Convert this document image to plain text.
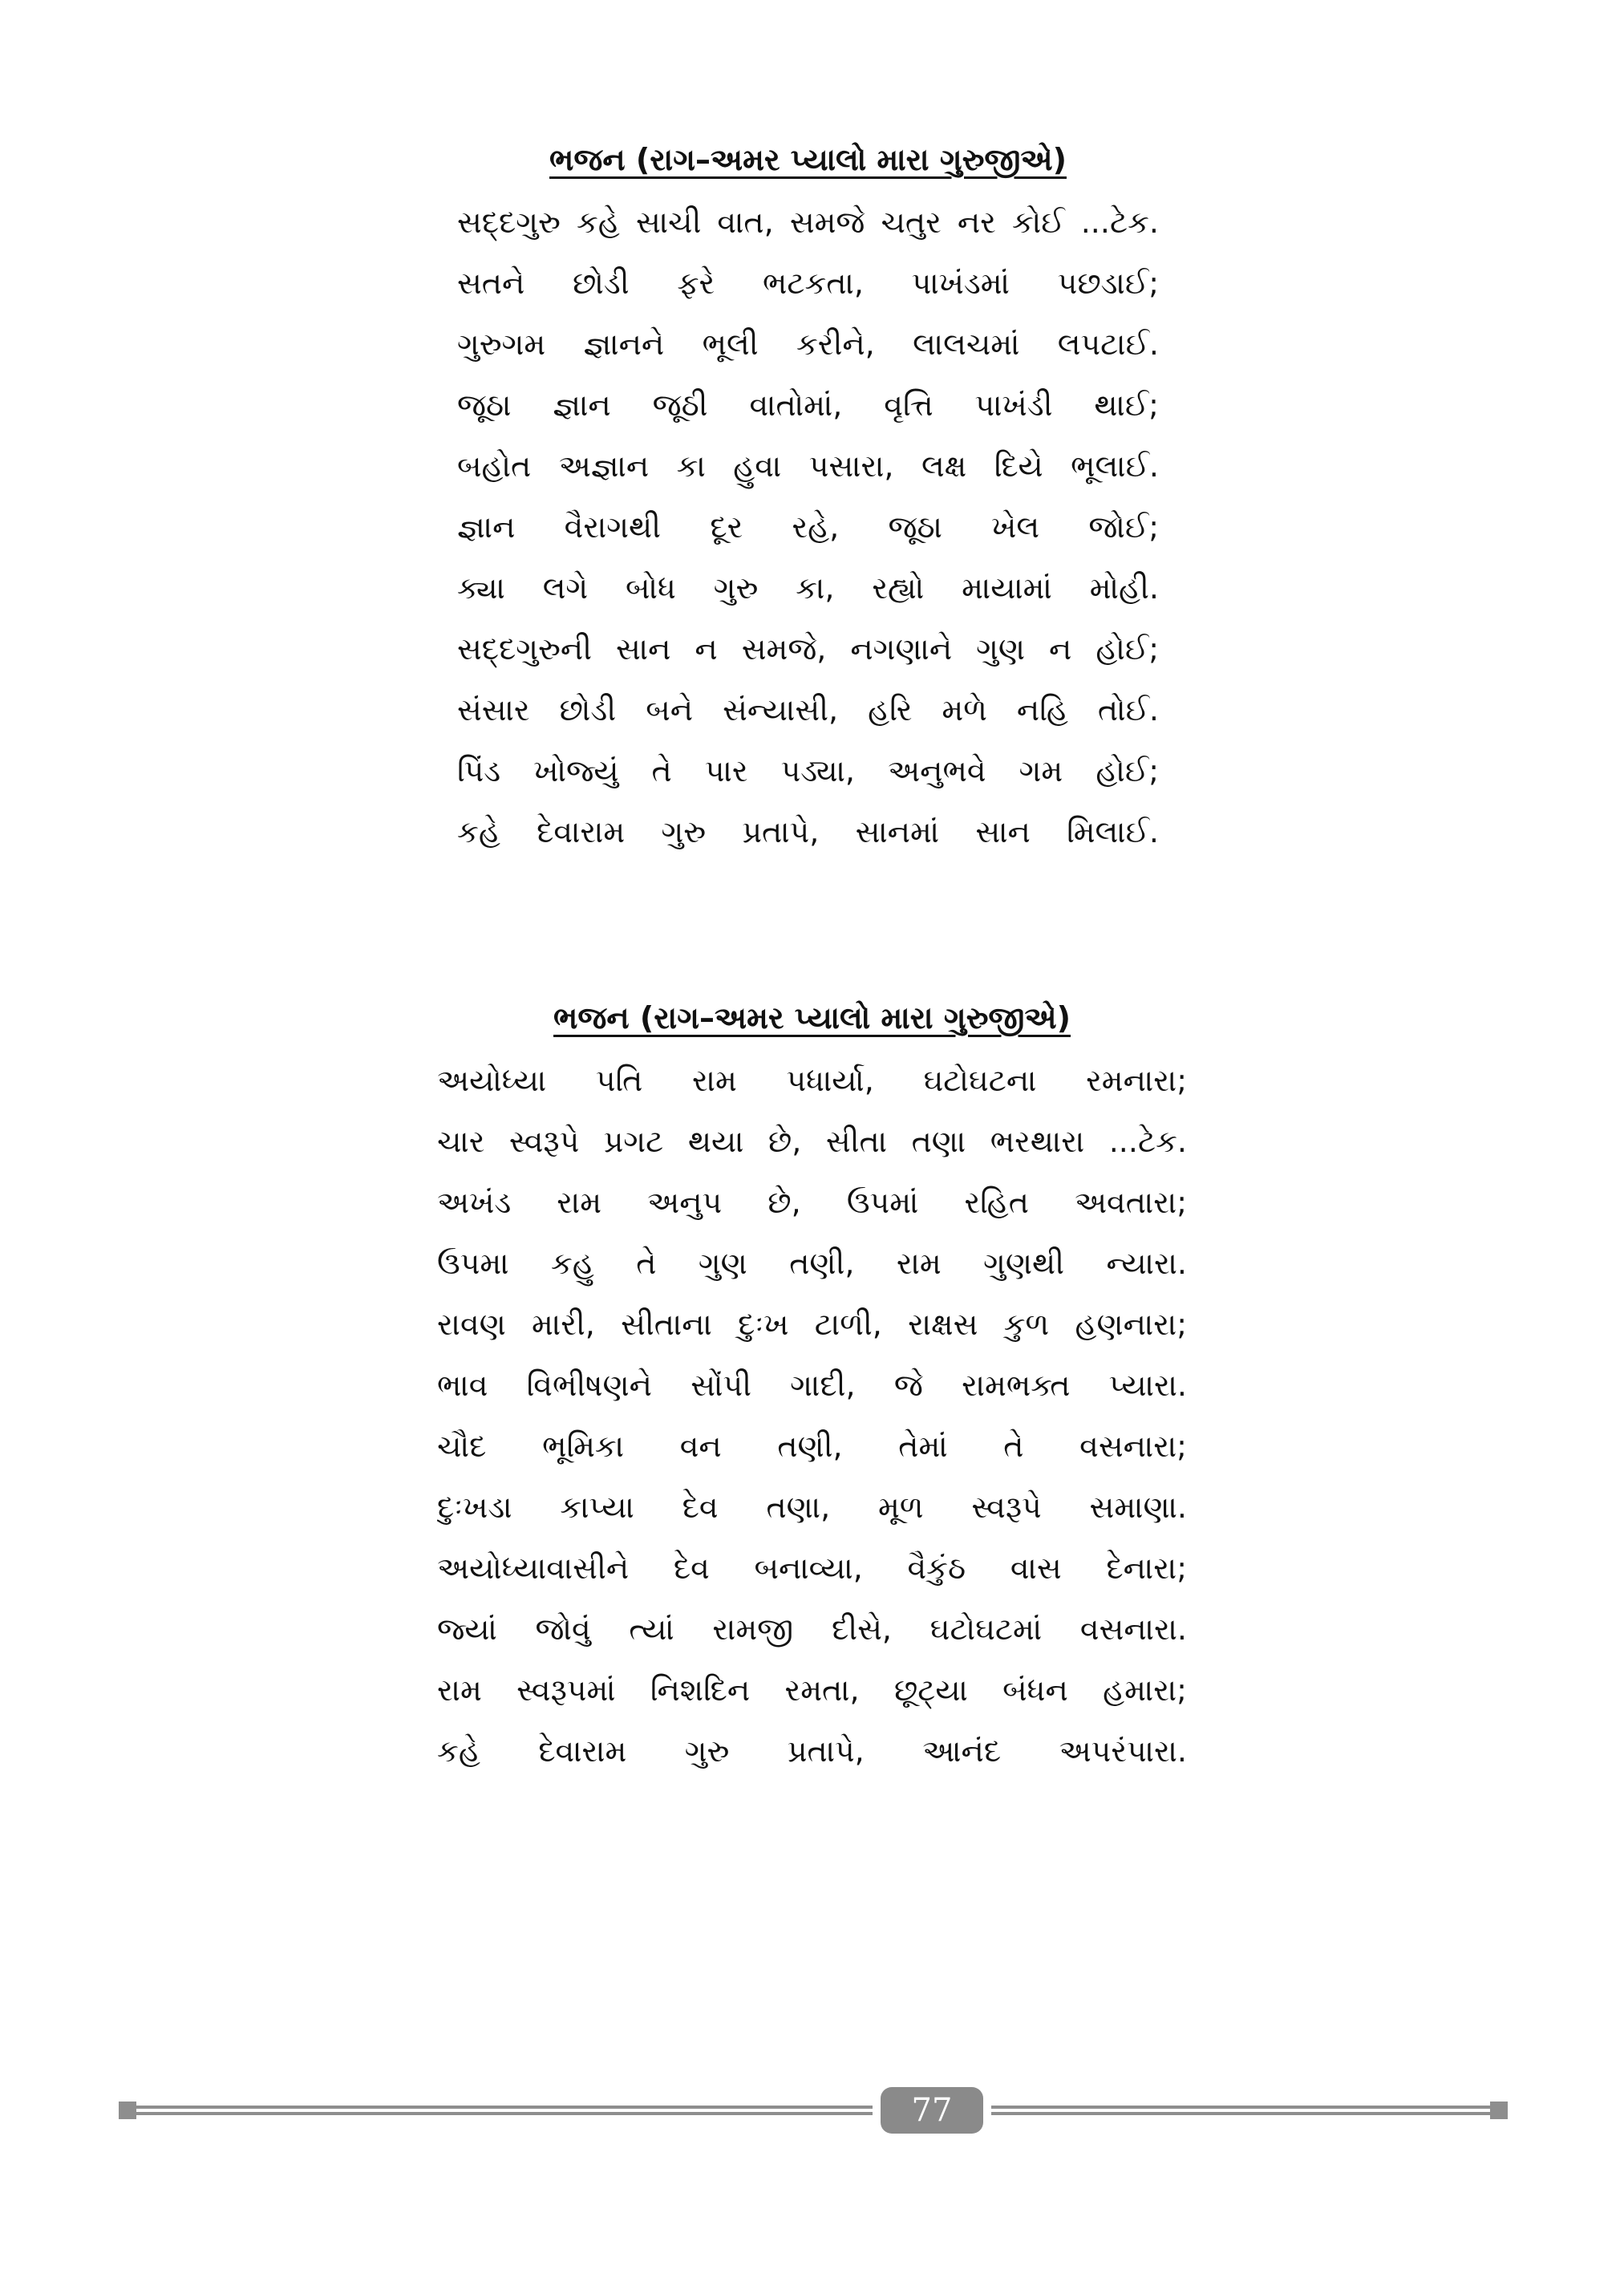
ભજન (રાગ–અમર પ્યાલો મારા ગુરુજીએ)
સદ્દગુરુ કહે સાચી વાત, સમજે ચતુર નર કોઈ ...ટેક.
સતને છોડી ફરે ભટકતા, પાખંડમાં પછડાઈ;
ગુરુગમ જ્ઞાનને ભૂલી કરીને, લાલચમાં લપટાઈ.
જૂઠા જ્ઞાન જૂઠી વાતોમાં, વૃત્તિ પાખંડી થાઈ;
બહોત અજ્ઞાન કા હુવા પસારા, લક્ષ દિયે ભૂલાઈ.
જ્ઞાન વૈરાગથી દૂર રહે, જૂઠા ખેલ જોઈ;
ક્યા લગે બોધ ગુરુ કા, રહ્યો માયામાં મોહી.
સદ્દગુરુની સાન ન સમજે, નગણાને ગુણ ન હોઈ;
સંસાર છોડી બને સંન્યાસી, હરિ મળે નહિ તોઈ.
પિંડ ખોજ્યું તે પાર પડ્યા, અનુભવે ગમ હોઈ;
કહે દેવારામ ગુરુ પ્રતાપે, સાનમાં સાન મિલાઈ.
ભજન (રાગ–અમર પ્યાલો મારા ગુરુજીએ)
અયોધ્યા પતિ રામ પધાર્યા, ઘટોઘટના રમનારા;
ચાર સ્વરૂપે પ્રગટ થયા છે, સીતા તણા ભરથારા ...ટેક.
અખંડ રામ અનુપ છે, ઉપમાં રહિત અવતારા;
ઉપમા કહુ તે ગુણ તણી, રામ ગુણથી ન્યારા.
રાવણ મારી, સીતાના દુઃખ ટાળી, રાક્ષસ કુળ હણનારા;
ભાવ વિભીષણને સોંપી ગાદી, જે રામભક્ત પ્યારા.
ચૌદ ભૂમિકા વન તણી, તેમાં તે વસનારા;
દુઃખડા કાપ્યા દેવ તણા, મૂળ સ્વરૂપે સમાણા.
અયોધ્યાવાસીને દેવ બનાવ્યા, વૈકુંઠ વાસ દેનારા;
જ્યાં જોવું ત્યાં રામજી દીસે, ઘટોઘટમાં વસનારા.
રામ સ્વરૂપમાં નિશદિન રમતા, છૂટ્યા બંધન હમારા;
કહે દેવારામ ગુરુ પ્રતાપે, આનંદ અપરંપારા.
77
